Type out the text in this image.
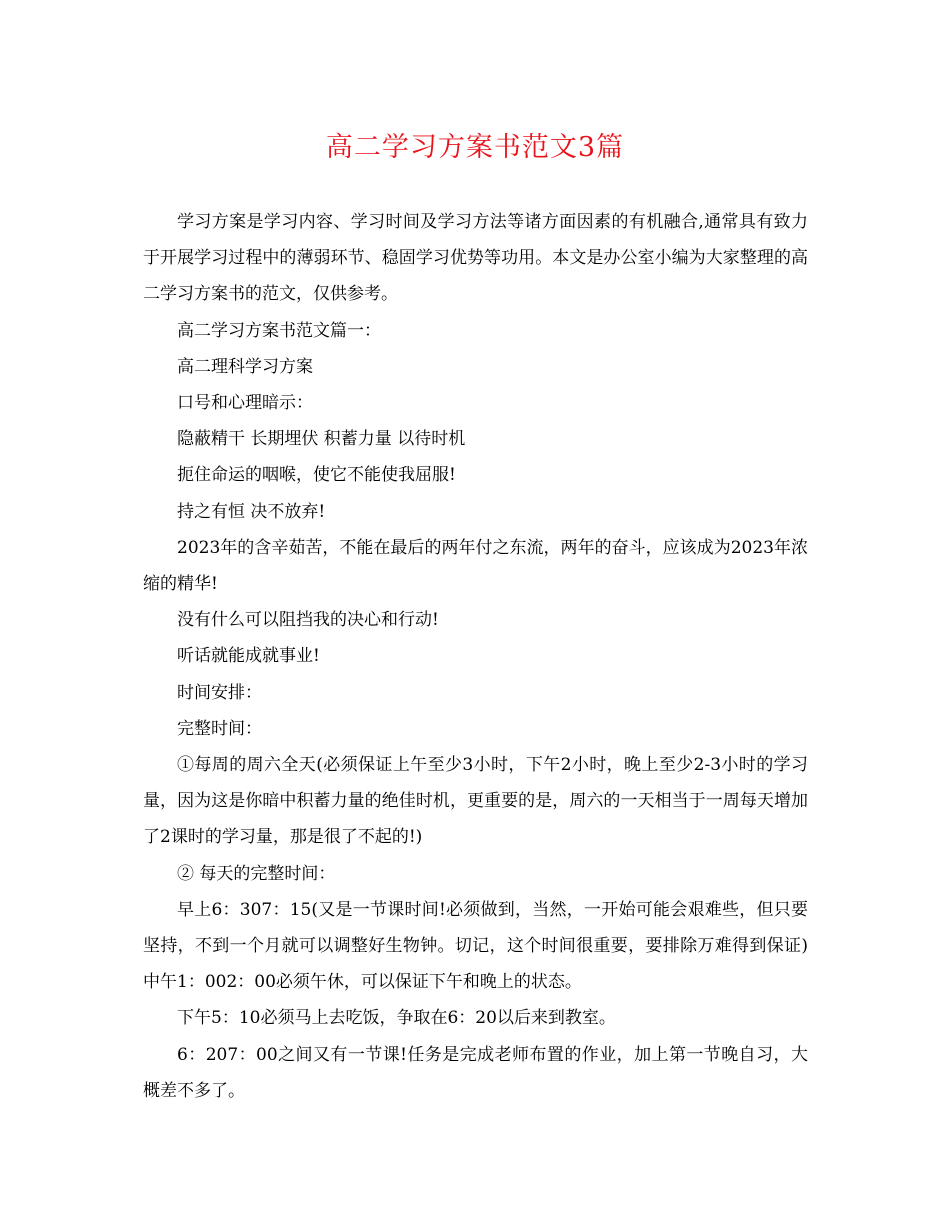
高二学习方案书范文3篇

学习方案是学习内容、学习时间及学习方法等诸方面因素的有机融合,通常具有致力于开展学习过程中的薄弱环节、稳固学习优势等功用。本文是办公室小编为大家整理的高二学习方案书的范文，仅供参考。

高二学习方案书范文篇一：

高二理科学习方案

口号和心理暗示：

隐蔽精干 长期埋伏 积蓄力量 以待时机

扼住命运的咽喉，使它不能使我屈服!

持之有恒 决不放弃!

2023年的含辛茹苦，不能在最后的两年付之东流，两年的奋斗，应该成为2023年浓缩的精华!

没有什么可以阻挡我的决心和行动!

听话就能成就事业!

时间安排：

完整时间：

①每周的周六全天(必须保证上午至少3小时，下午2小时，晚上至少2-3小时的学习量，因为这是你暗中积蓄力量的绝佳时机，更重要的是，周六的一天相当于一周每天增加了2课时的学习量，那是很了不起的!)

② 每天的完整时间：

早上6：307：15(又是一节课时间!必须做到，当然，一开始可能会艰难些，但只要坚持，不到一个月就可以调整好生物钟。切记，这个时间很重要，要排除万难得到保证) 中午1：002：00必须午休，可以保证下午和晚上的状态。

下午5：10必须马上去吃饭，争取在6：20以后来到教室。

6：207：00之间又有一节课!任务是完成老师布置的作业，加上第一节晚自习，大概差不多了。
